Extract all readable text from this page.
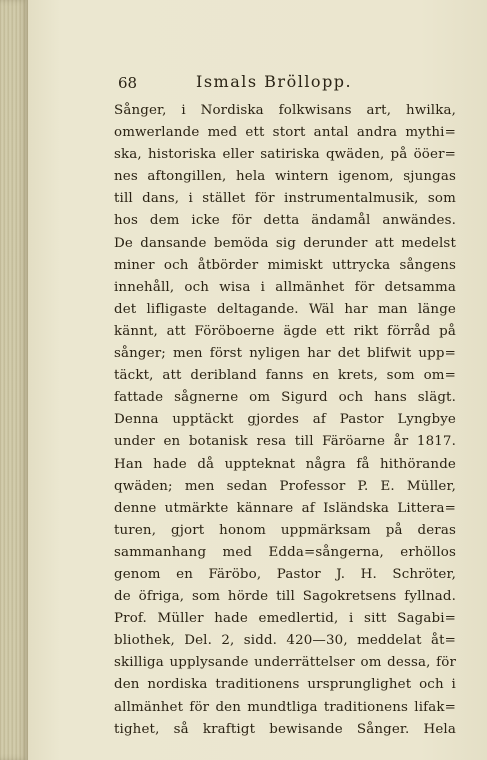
68	Ismals Bröllopp.
Sånger, i Nordiska folkwisans art, hwilka,
omwerlande med ett stort antal andra mythi=
ska, historiska eller satiriska qwäden, på ööer=
nes aftongillen, hela wintern igenom, sjungas
till dans, i stället för instrumentalmusik, som
hos dem icke för detta ändamål anwändes.
De dansande bemöda sig derunder att medelst
miner och åtbörder mimiskt uttrycka sångens
innehåll, och wisa i allmänhet för detsamma
det lifligaste deltagande. Wäl har man länge
kännt, att Föröboerne ägde ett rikt förråd på
sånger; men först nyligen har det blifwit upp=
täckt, att deribland fanns en krets, som om=
fattade sågnerne om Sigurd och hans slägt.
Denna upptäckt gjordes af Pastor Lyngbye
under en botanisk resa till Färöarne år 1817.
Han hade då uppteknat några få hithörande
qwäden; men sedan Professor P. E. Müller,
denne utmärkte kännare af Isländska Littera=
turen, gjort honom uppmärksam på deras
sammanhang med Edda=sångerna, erhöllos
genom en Färöbo, Pastor J. H. Schröter,
de öfriga, som hörde till Sagokretsens fyllnad.
Prof. Müller hade emedlertid, i sitt Sagabi=
bliothek, Del. 2, sidd. 420—30, meddelat åt=
skilliga upplysande underrättelser om dessa, för
den nordiska traditionens ursprunglighet och i
allmänhet för den mundtliga traditionens lifak=
tighet, så kraftigt bewisande Sånger. Hela
